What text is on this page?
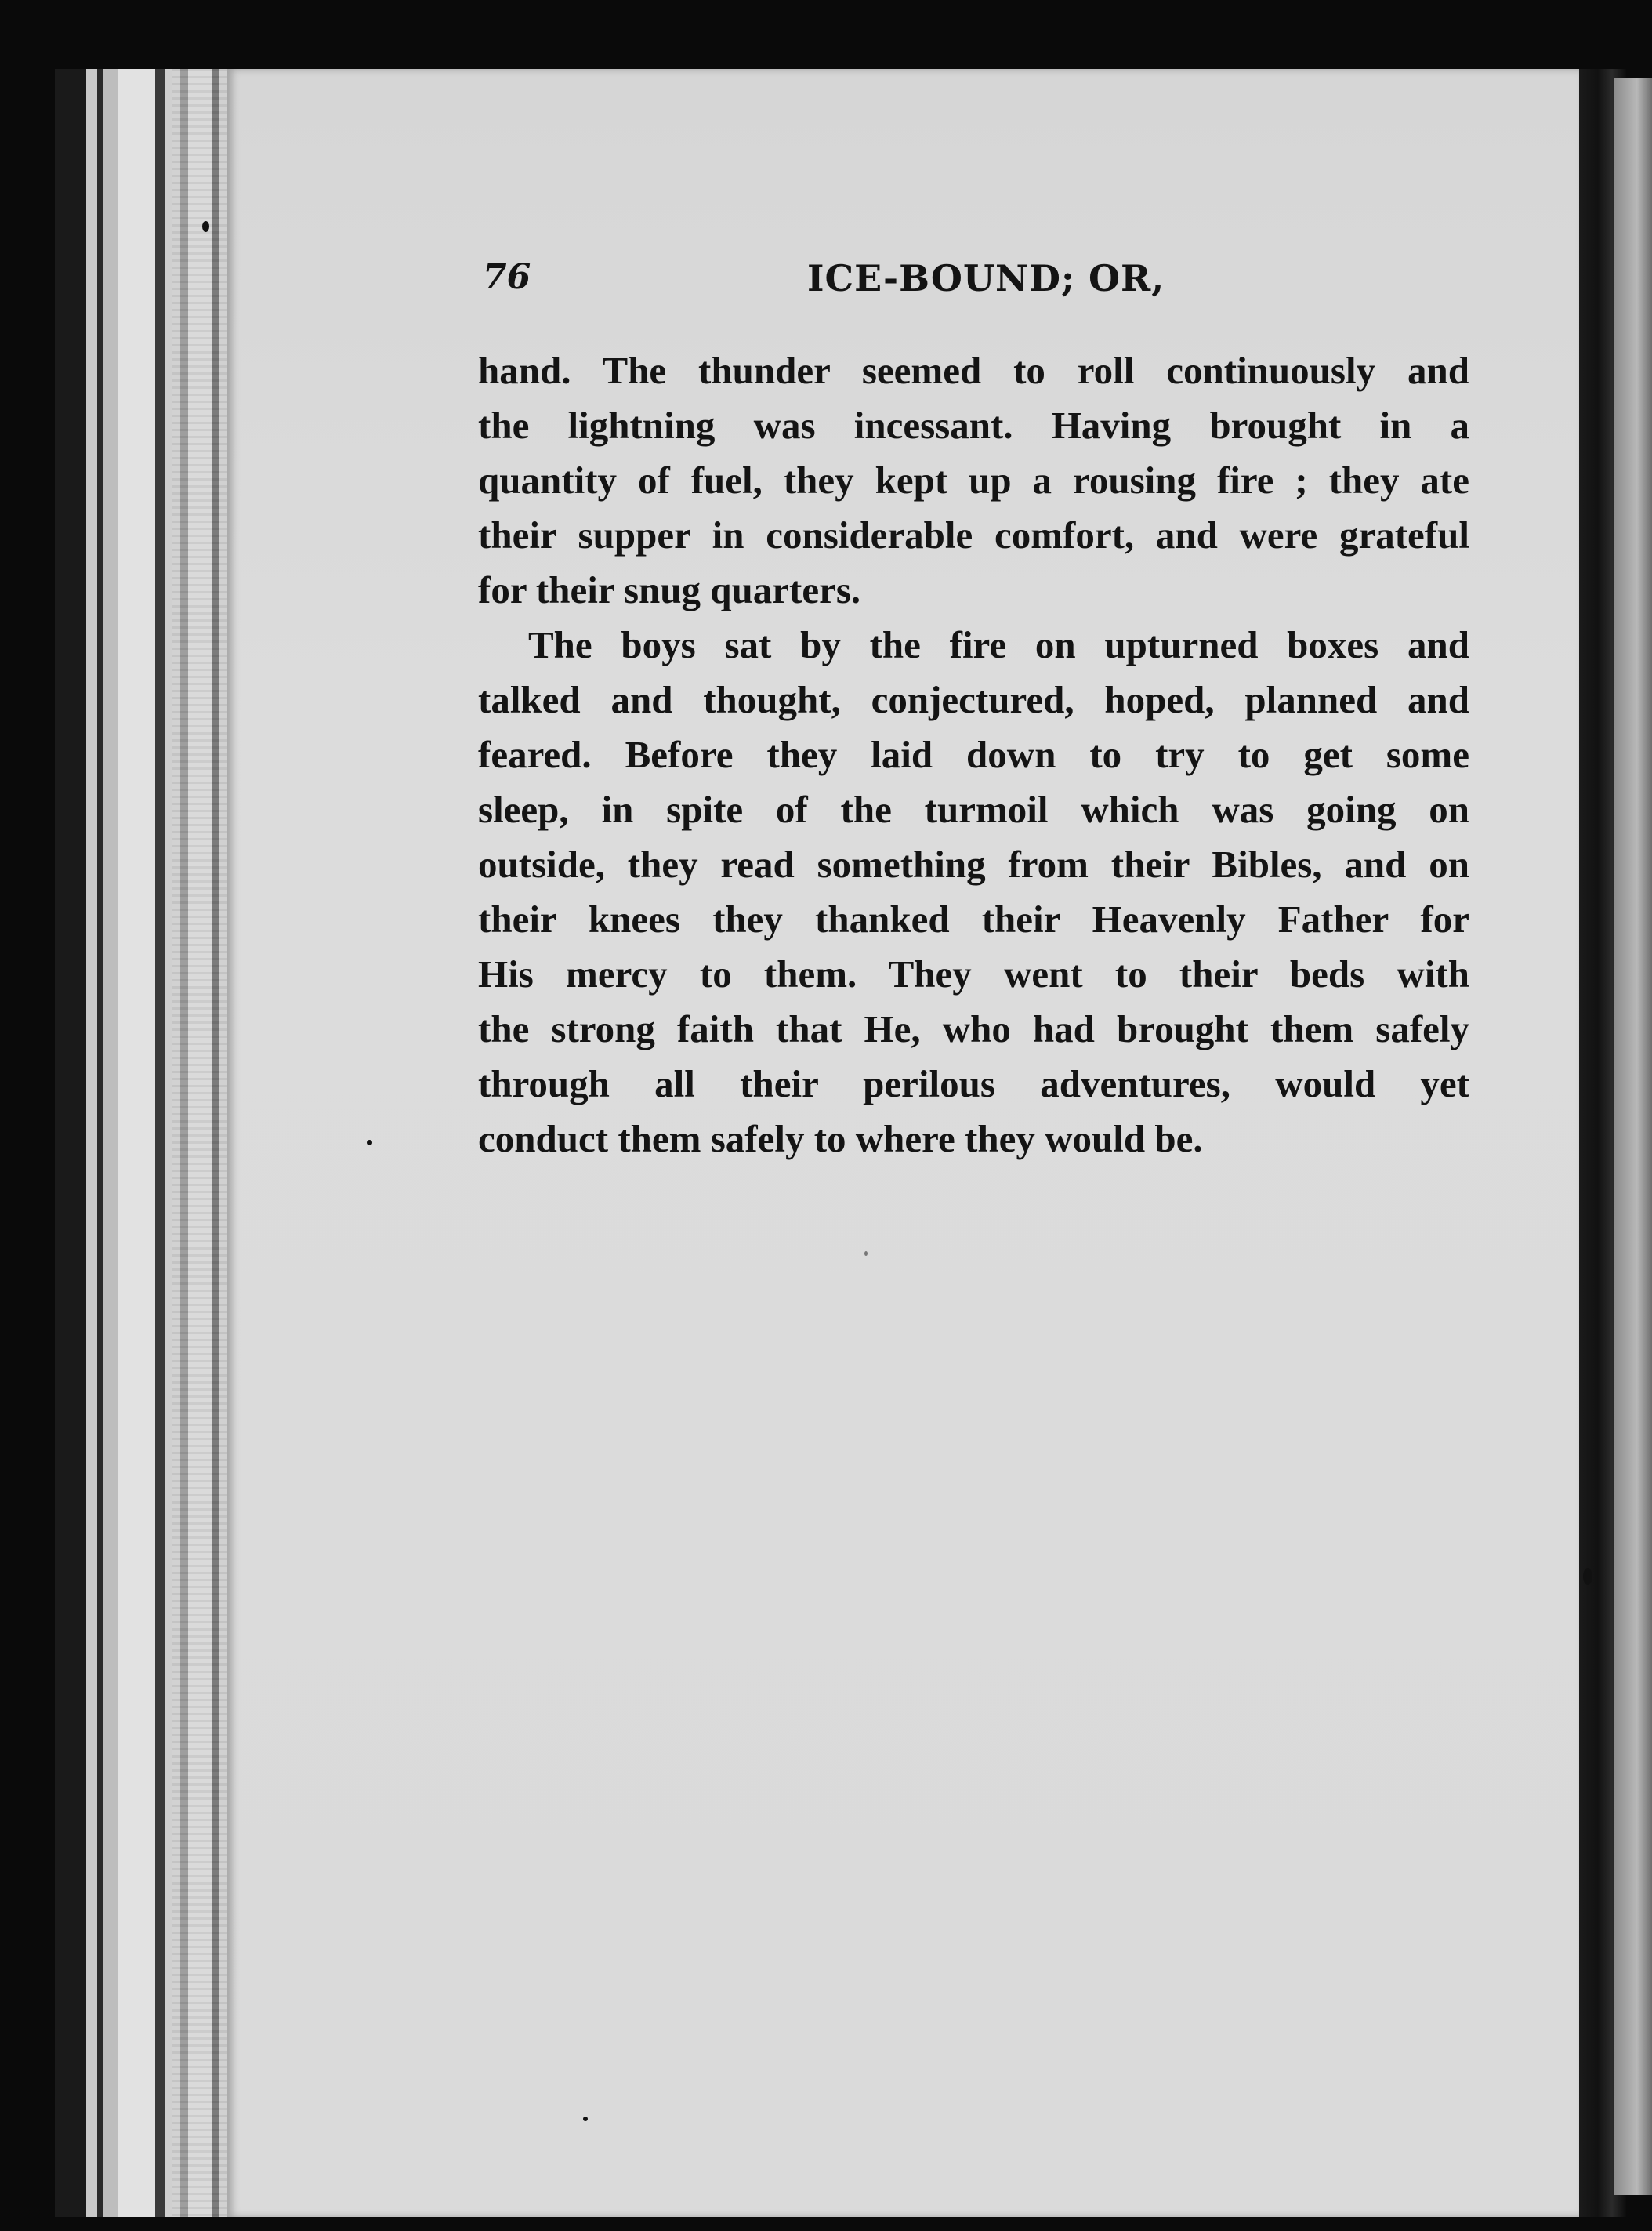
76	ICE-BOUND; OR,

hand. The thunder seemed to roll continuously and
the lightning was incessant. Having brought in a
quantity of fuel, they kept up a rousing fire ; they ate
their supper in considerable comfort, and were grateful
for their snug quarters.

The boys sat by the fire on upturned boxes and
talked and thought, conjectured, hoped, planned and
feared. Before they laid down to try to get some
sleep, in spite of the turmoil which was going on
outside, they read something from their Bibles, and on
their knees they thanked their Heavenly Father for
His mercy to them. They went to their beds with
the strong faith that He, who had brought them safely
through all their perilous adventures, would yet
conduct them safely to where they would be.
